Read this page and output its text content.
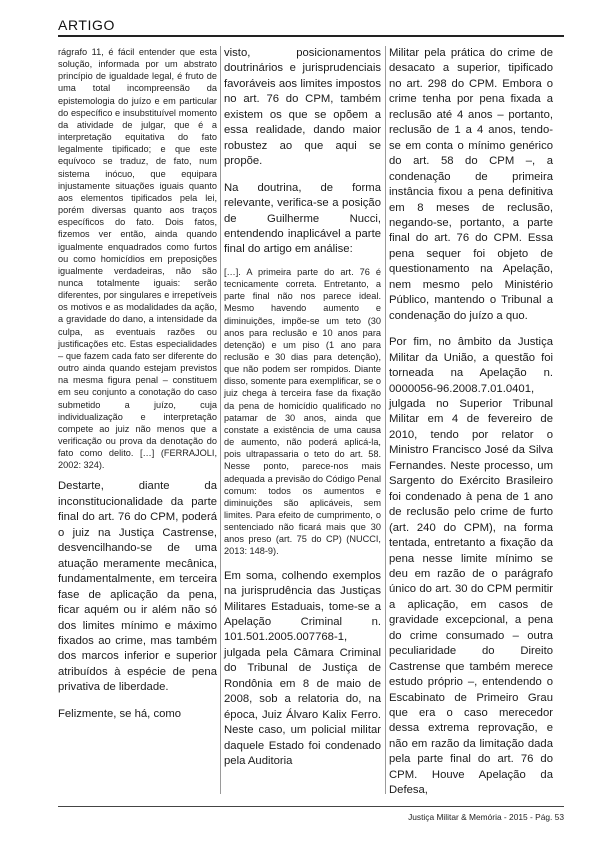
ARTIGO

rágrafo 11, é fácil entender que esta solução, informada por um abstrato princípio de igualdade legal, é fruto de uma total incompreensão da epistemologia do juízo e em particular do específico e insubstituível momento da atividade de julgar, que é a interpretação equitativa do fato legalmente tipificado; e que este equívoco se traduz, de fato, num sistema inócuo, que equipara injustamente situações iguais quanto aos elementos tipificados pela lei, porém diversas quanto aos traços específicos do fato. Dois fatos, fizemos ver então, ainda quando igualmente enquadrados como furtos ou como homicídios em preposições igualmente verdadeiras, não são nunca totalmente iguais: serão diferentes, por singulares e irrepetíveis os motivos e as modalidades da ação, a gravidade do dano, a intensidade da culpa, as eventuais razões ou justificações etc. Estas especialidades – que fazem cada fato ser diferente do outro ainda quando estejam previstos na mesma figura penal – constituem em seu conjunto a conotação do caso submetido a juízo, cuja individualização e interpretação compete ao juiz não menos que a verificação ou prova da denotação do fato como delito. […] (FERRAJOLI, 2002: 324).

Destarte, diante da inconstitucionalidade da parte final do art. 76 do CPM, poderá o juiz na Justiça Castrense, desvencilhando-se de uma atuação meramente mecânica, fundamentalmente, em terceira fase de aplicação da pena, ficar aquém ou ir além não só dos limites mínimo e máximo fixados ao crime, mas também dos marcos inferior e superior atribuídos à espécie de pena privativa de liberdade.

Felizmente, se há, como

visto, posicionamentos doutrinários e jurisprudenciais favoráveis aos limites impostos no art. 76 do CPM, também existem os que se opõem a essa realidade, dando maior robustez ao que aqui se propõe.

Na doutrina, de forma relevante, verifica-se a posição de Guilherme Nucci, entendendo inaplicável a parte final do artigo em análise:

[…]. A primeira parte do art. 76 é tecnicamente correta. Entretanto, a parte final não nos parece ideal. Mesmo havendo aumento e diminuições, impõe-se um teto (30 anos para reclusão e 10 anos para detenção) e um piso (1 ano para reclusão e 30 dias para detenção), que não podem ser rompidos. Diante disso, somente para exemplificar, se o juiz chega à terceira fase da fixação da pena de homicídio qualificado no patamar de 30 anos, ainda que constate a existência de uma causa de aumento, não poderá aplicá-la, pois ultrapassaria o teto do art. 58. Nesse ponto, parece-nos mais adequada a previsão do Código Penal comum: todos os aumentos e diminuições são aplicáveis, sem limites. Para efeito de cumprimento, o sentenciado não ficará mais que 30 anos preso (art. 75 do CP) (NUCCI, 2013: 148-9).

Em soma, colhendo exemplos na jurisprudência das Justiças Militares Estaduais, tome-se a Apelação Criminal n. 101.501.2005.007768-1, julgada pela Câmara Criminal do Tribunal de Justiça de Rondônia em 8 de maio de 2008, sob a relatoria do, na época, Juiz Álvaro Kalix Ferro. Neste caso, um policial militar daquele Estado foi condenado pela Auditoria

Militar pela prática do crime de desacato a superior, tipificado no art. 298 do CPM. Embora o crime tenha por pena fixada a reclusão até 4 anos – portanto, reclusão de 1 a 4 anos, tendo-se em conta o mínimo genérico do art. 58 do CPM –, a condenação de primeira instância fixou a pena definitiva em 8 meses de reclusão, negando-se, portanto, a parte final do art. 76 do CPM. Essa pena sequer foi objeto de questionamento na Apelação, nem mesmo pelo Ministério Público, mantendo o Tribunal a condenação do juízo a quo.

Por fim, no âmbito da Justiça Militar da União, a questão foi torneada na Apelação n. 0000056-96.2008.7.01.0401, julgada no Superior Tribunal Militar em 4 de fevereiro de 2010, tendo por relator o Ministro Francisco José da Silva Fernandes. Neste processo, um Sargento do Exército Brasileiro foi condenado à pena de 1 ano de reclusão pelo crime de furto (art. 240 do CPM), na forma tentada, entretanto a fixação da pena nesse limite mínimo se deu em razão de o parágrafo único do art. 30 do CPM permitir a aplicação, em casos de gravidade excepcional, a pena do crime consumado – outra peculiaridade do Direito Castrense que também merece estudo próprio –, entendendo o Escabinato de Primeiro Grau que era o caso merecedor dessa extrema reprovação, e não em razão da limitação dada pela parte final do art. 76 do CPM. Houve Apelação da Defesa,

Justiça Militar & Memória - 2015 - Pág. 53
